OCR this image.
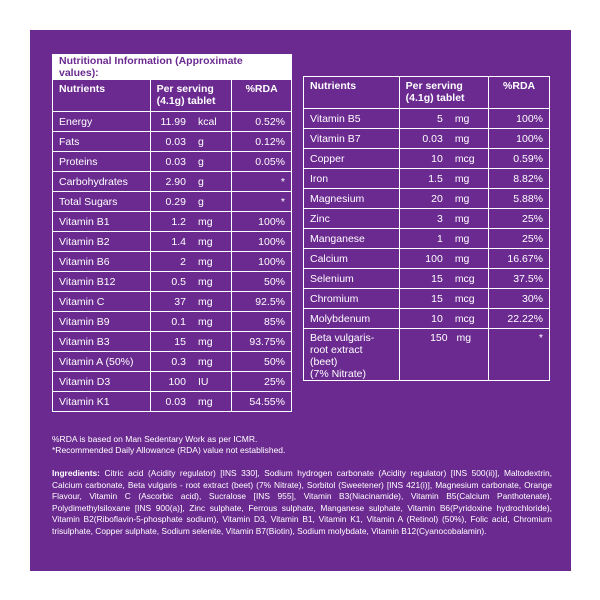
Nutritional Information (Approximate values):			
Nutrients	Per serving
(4.1g) tablet		%RDA
Energy	11.99	kcal	0.52%
Fats	0.03	g	0.12%
Proteins	0.03	g	0.05%
Carbohydrates	2.90	g	*
Total Sugars	0.29	g	*
Vitamin B1	1.2	mg	100%
Vitamin B2	1.4	mg	100%
Vitamin B6	2	mg	100%
Vitamin B12	0.5	mg	50%
Vitamin C	37	mg	92.5%
Vitamin B9	0.1	mg	85%
Vitamin B3	15	mg	93.75%
Vitamin A (50%)	0.3	mg	50%
Vitamin D3	100	IU	25%
Vitamin K1	0.03	mg	54.55%
Nutrients	Per serving
(4.1g) tablet		%RDA
Vitamin B5	5	mg	100%
Vitamin B7	0.03	mg	100%
Copper	10	mcg	0.59%
Iron	1.5	mg	8.82%
Magnesium	20	mg	5.88%
Zinc	3	mg	25%
Manganese	1	mg	25%
Calcium	100	mg	16.67%
Selenium	15	mcg	37.5%
Chromium	15	mcg	30%
Molybdenum	10	mcg	22.22%

Beta vulgaris-
root extract (beet)
(7% Nitrate)	150 mg		*
%RDA is based on Man Sedentary Work as per ICMR.
*Recommended Daily Allowance (RDA) value not established.
Ingredients: Citric acid (Acidity regulator) [INS 330], Sodium hydrogen carbonate (Acidity regulator) [INS 500(ii)], Maltodextrin, Calcium carbonate, Beta vulgaris - root extract (beet) (7% Nitrate), Sorbitol (Sweetener) [INS 421(i)], Magnesium carbonate, Orange Flavour, Vitamin C (Ascorbic acid), Sucralose [INS 955], Vitamin B3(Niacinamide), Vitamin B5(Calcium Panthotenate), Polydimethylsiloxane [INS 900(a)], Zinc sulphate, Ferrous sulphate, Manganese sulphate, Vitamin B6(Pyridoxine hydrochloride), Vitamin B2(Riboflavin-5-phosphate sodium), Vitamin D3, Vitamin B1, Vitamin K1, Vitamin A (Retinol) (50%), Folic acid, Chromium trisulphate, Copper sulphate, Sodium selenite, Vitamin B7(Biotin), Sodium molybdate, Vitamin B12(Cyanocobalamin).
